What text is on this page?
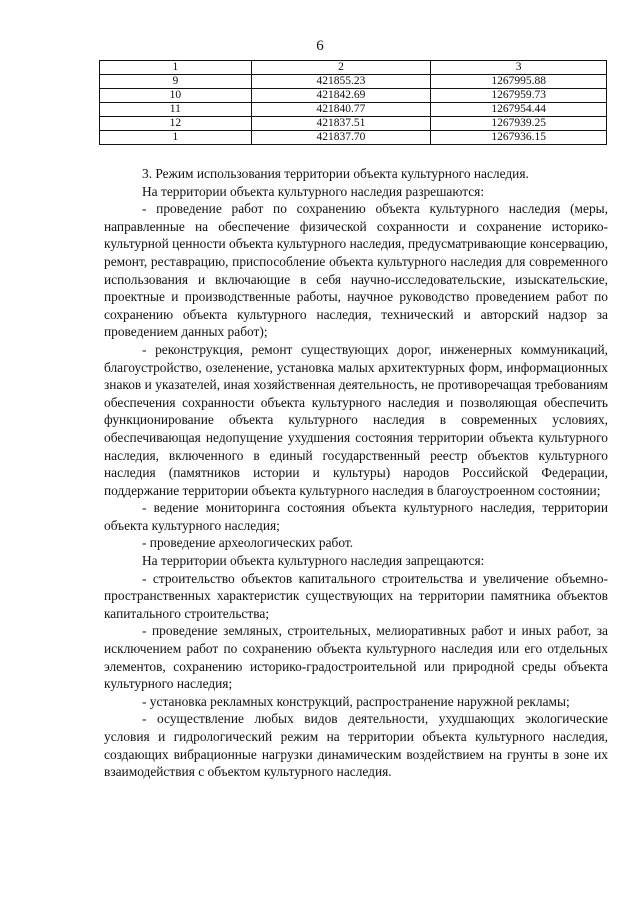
6
1	2	3
9	421855.23	1267995.88
10	421842.69	1267959.73
11	421840.77	1267954.44
12	421837.51	1267939.25
1	421837.70	1267936.15

3. Режим использования территории объекта культурного наследия.

На территории объекта культурного наследия разрешаются:

- проведение работ по сохранению объекта культурного наследия (меры, направленные на обеспечение физической сохранности и сохранение историко-культурной ценности объекта культурного наследия, предусматривающие консервацию, ремонт, реставрацию, приспособление объекта культурного наследия для современного использования и включающие в себя научно-исследовательские, изыскательские, проектные и производственные работы, научное руководство проведением работ по сохранению объекта культурного наследия, технический и авторский надзор за проведением данных работ);

- реконструкция, ремонт существующих дорог, инженерных коммуникаций, благоустройство, озеленение, установка малых архитектурных форм, информационных знаков и указателей, иная хозяйственная деятельность, не противоречащая требованиям обеспечения сохранности объекта культурного наследия и позволяющая обеспечить функционирование объекта культурного наследия в современных условиях, обеспечивающая недопущение ухудшения состояния территории объекта культурного наследия, включенного в единый государственный реестр объектов культурного наследия (памятников истории и культуры) народов Российской Федерации, поддержание территории объекта культурного наследия в благоустроенном состоянии;

- ведение мониторинга состояния объекта культурного наследия, территории объекта культурного наследия;

- проведение археологических работ.

На территории объекта культурного наследия запрещаются:

- строительство объектов капитального строительства и увеличение объемно-пространственных характеристик существующих на территории памятника объектов капитального строительства;

- проведение земляных, строительных, мелиоративных работ и иных работ, за исключением работ по сохранению объекта культурного наследия или его отдельных элементов, сохранению историко-градостроительной или природной среды объекта культурного наследия;

- установка рекламных конструкций, распространение наружной рекламы;

- осуществление любых видов деятельности, ухудшающих экологические условия и гидрологический режим на территории объекта культурного наследия, создающих вибрационные нагрузки динамическим воздействием на грунты в зоне их взаимодействия с объектом культурного наследия.
